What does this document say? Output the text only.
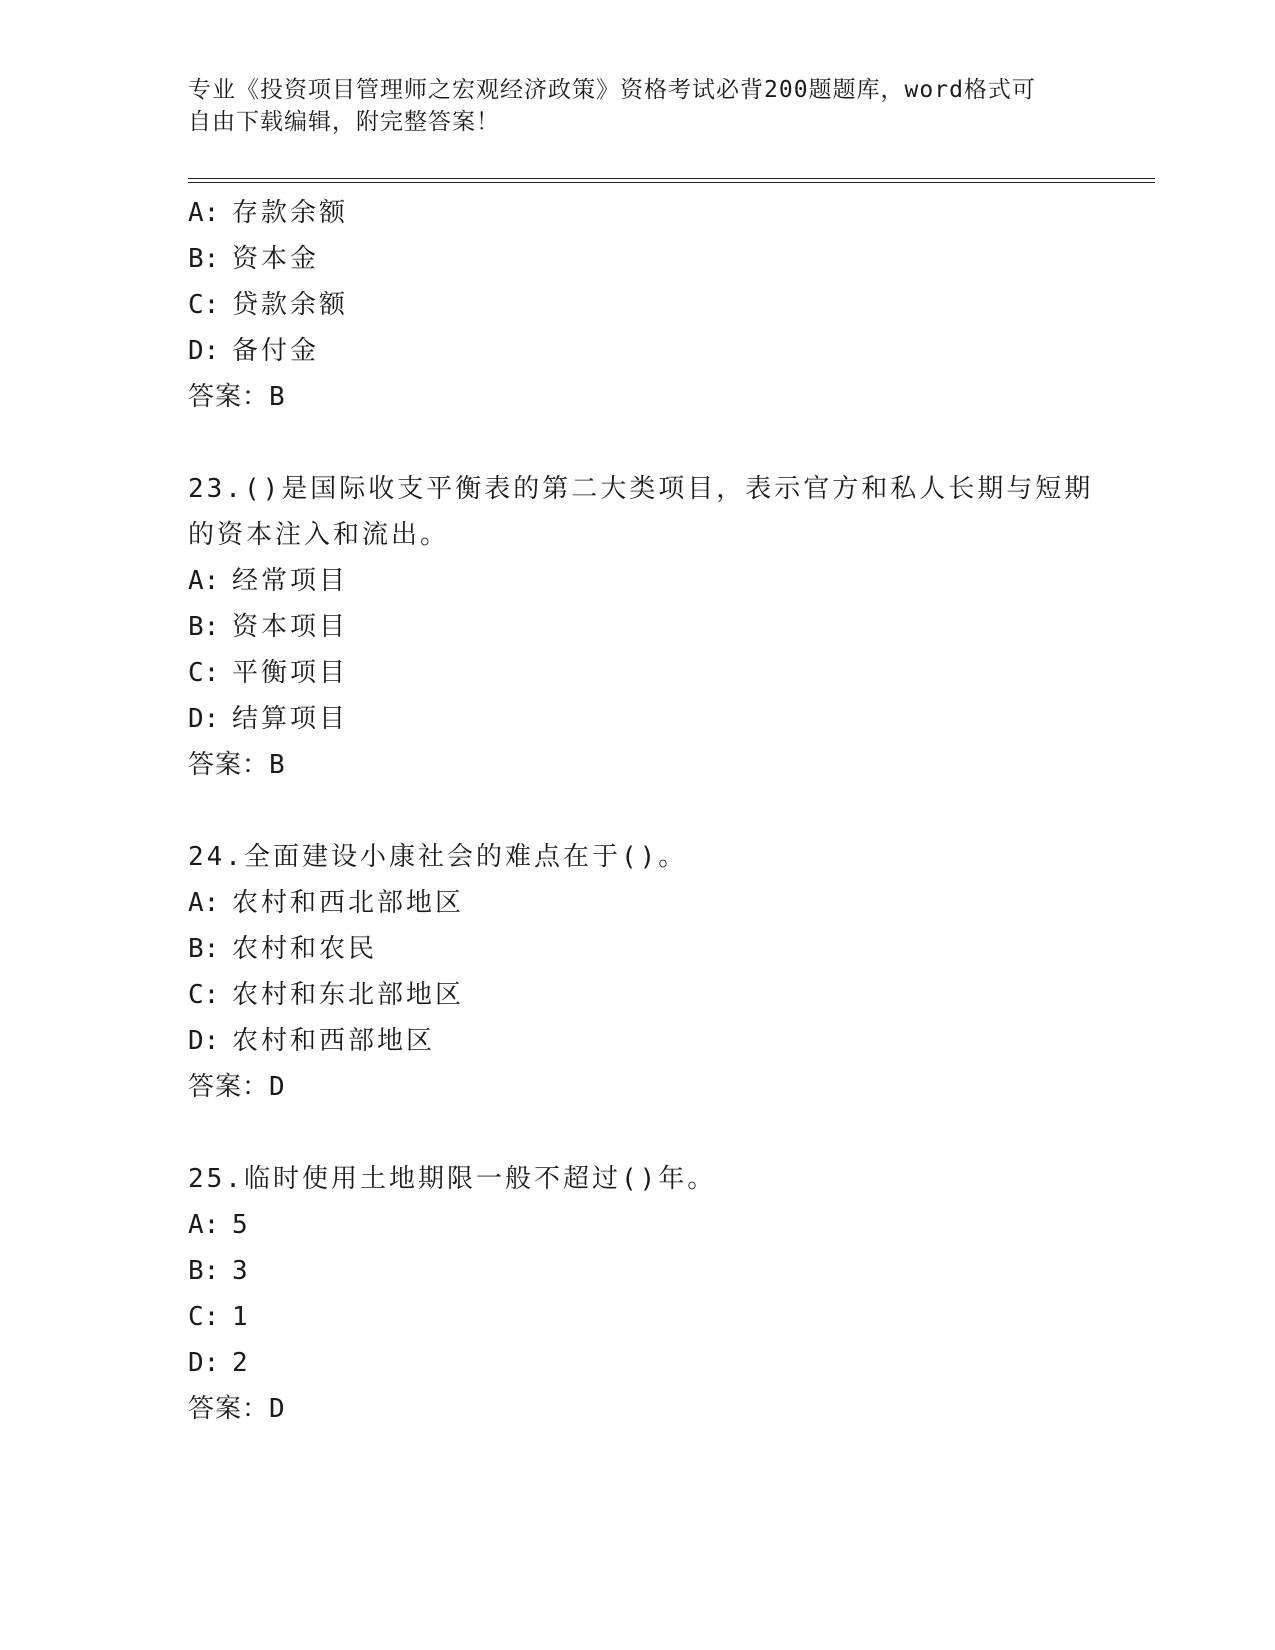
专业《投资项目管理师之宏观经济政策》资格考试必背200题题库，word格式可
自由下载编辑，附完整答案！
A: 存款余额
B: 资本金
C: 贷款余额
D: 备付金
答案：B
23.()是国际收支平衡表的第二大类项目，表示官方和私人长期与短期
的资本注入和流出。
A: 经常项目
B: 资本项目
C: 平衡项目
D: 结算项目
答案：B
24.全面建设小康社会的难点在于()。
A: 农村和西北部地区
B: 农村和农民
C: 农村和东北部地区
D: 农村和西部地区
答案：D
25.临时使用土地期限一般不超过()年。
A: 5
B: 3
C: 1
D: 2
答案：D
